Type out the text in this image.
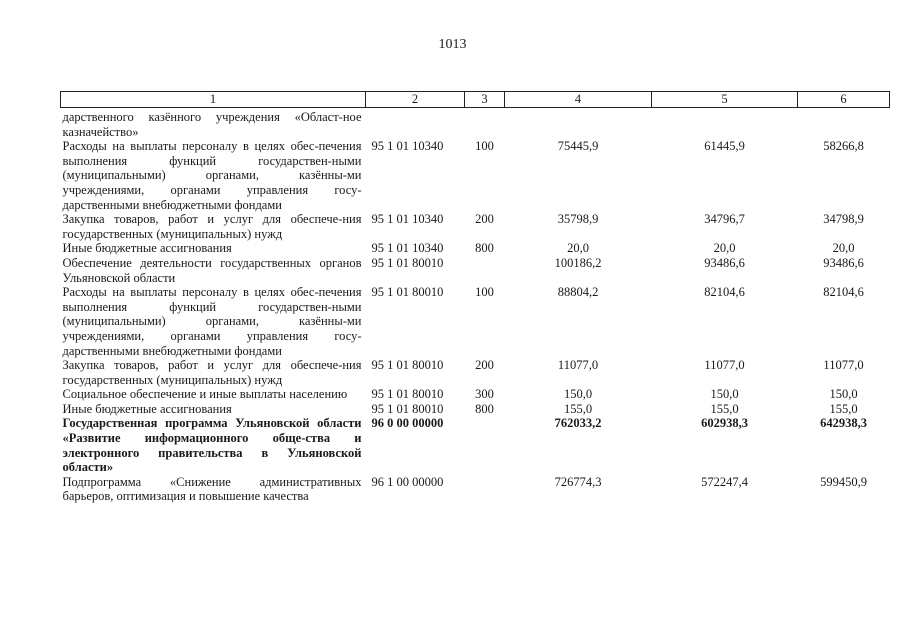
1013
1	2	3	4	5	6
дарственного казённого учреждения «Област-ное казначейство»					
Расходы на выплаты персоналу в целях обес-печения выполнения функций государствен-ными (муниципальными) органами, казённы-ми учреждениями, органами управления госу-дарственными внебюджетными фондами	95 1 01 10340	100	75445,9	61445,9	58266,8
Закупка товаров, работ и услуг для обеспече-ния государственных (муниципальных) нужд	95 1 01 10340	200	35798,9	34796,7	34798,9
Иные бюджетные ассигнования	95 1 01 10340	800	20,0	20,0	20,0
Обеспечение деятельности государственных органов Ульяновской области	95 1 01 80010		100186,2	93486,6	93486,6
Расходы на выплаты персоналу в целях обес-печения выполнения функций государствен-ными (муниципальными) органами, казённы-ми учреждениями, органами управления госу-дарственными внебюджетными фондами	95 1 01 80010	100	88804,2	82104,6	82104,6
Закупка товаров, работ и услуг для обеспече-ния государственных (муниципальных) нужд	95 1 01 80010	200	11077,0	11077,0	11077,0
Социальное обеспечение и иные выплаты населению	95 1 01 80010	300	150,0	150,0	150,0
Иные бюджетные ассигнования	95 1 01 80010	800	155,0	155,0	155,0
Государственная программа Ульяновской области «Развитие информационного обще-ства и электронного правительства в Ульяновской области»	96 0 00 00000		762033,2	602938,3	642938,3
Подпрограмма «Снижение административных барьеров, оптимизация и повышение качества	96 1 00 00000		726774,3	572247,4	599450,9
